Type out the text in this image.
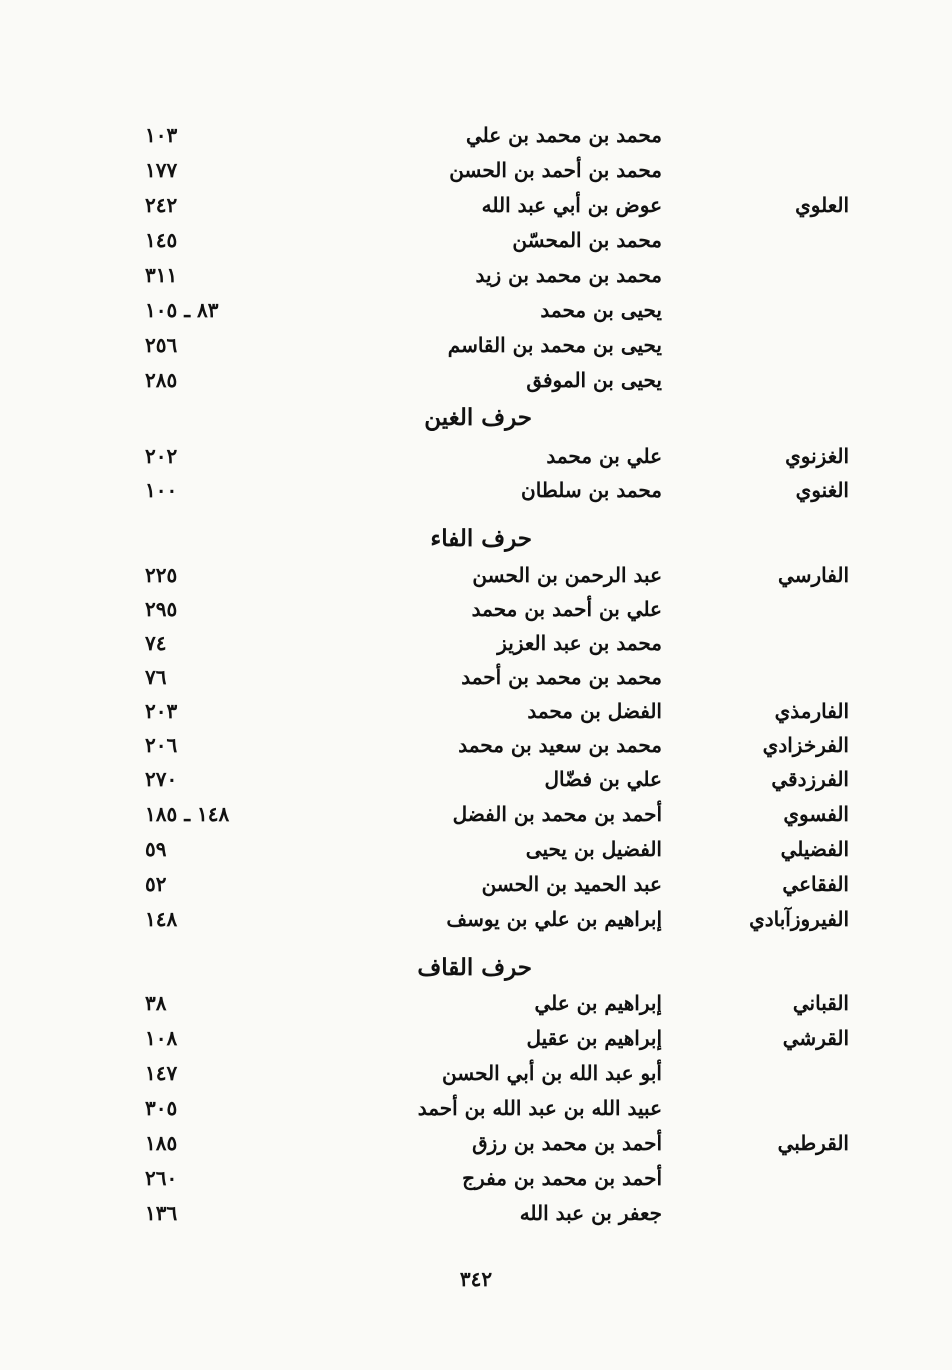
محمد بن محمد بن علي
١٠٣
محمد بن أحمد بن الحسن
١٧٧
العلوي
عوض بن أبي عبد الله
٢٤٢
محمد بن المحسّن
١٤٥
محمد بن محمد بن زيد
٣١١
يحيى بن محمد
٨٣ ـ ١٠٥
يحيى بن محمد بن القاسم
٢٥٦
يحيى بن الموفق
٢٨٥
حرف الغين
الغزنوي
علي بن محمد
٢٠٢
الغنوي
محمد بن سلطان
١٠٠
حرف الفاء
الفارسي
عبد الرحمن بن الحسن
٢٢٥
علي بن أحمد بن محمد
٢٩٥
محمد بن عبد العزيز
٧٤
محمد بن محمد بن أحمد
٧٦
الفارمذي
الفضل بن محمد
٢٠٣
الفرخزادي
محمد بن سعيد بن محمد
٢٠٦
الفرزدقي
علي بن فضّال
٢٧٠
الفسوي
أحمد بن محمد بن الفضل
١٤٨ ـ ١٨٥
الفضيلي
الفضيل بن يحيى
٥٩
الفقاعي
عبد الحميد بن الحسن
٥٢
الفيروزآبادي
إبراهيم بن علي بن يوسف
١٤٨
حرف القاف
القباني
إبراهيم بن علي
٣٨
القرشي
إبراهيم بن عقيل
١٠٨
أبو عبد الله بن أبي الحسن
١٤٧
عبيد الله بن عبد الله بن أحمد
٣٠٥
القرطبي
أحمد بن محمد بن رزق
١٨٥
أحمد بن محمد بن مفرج
٢٦٠
جعفر بن عبد الله
١٣٦
٣٤٢
